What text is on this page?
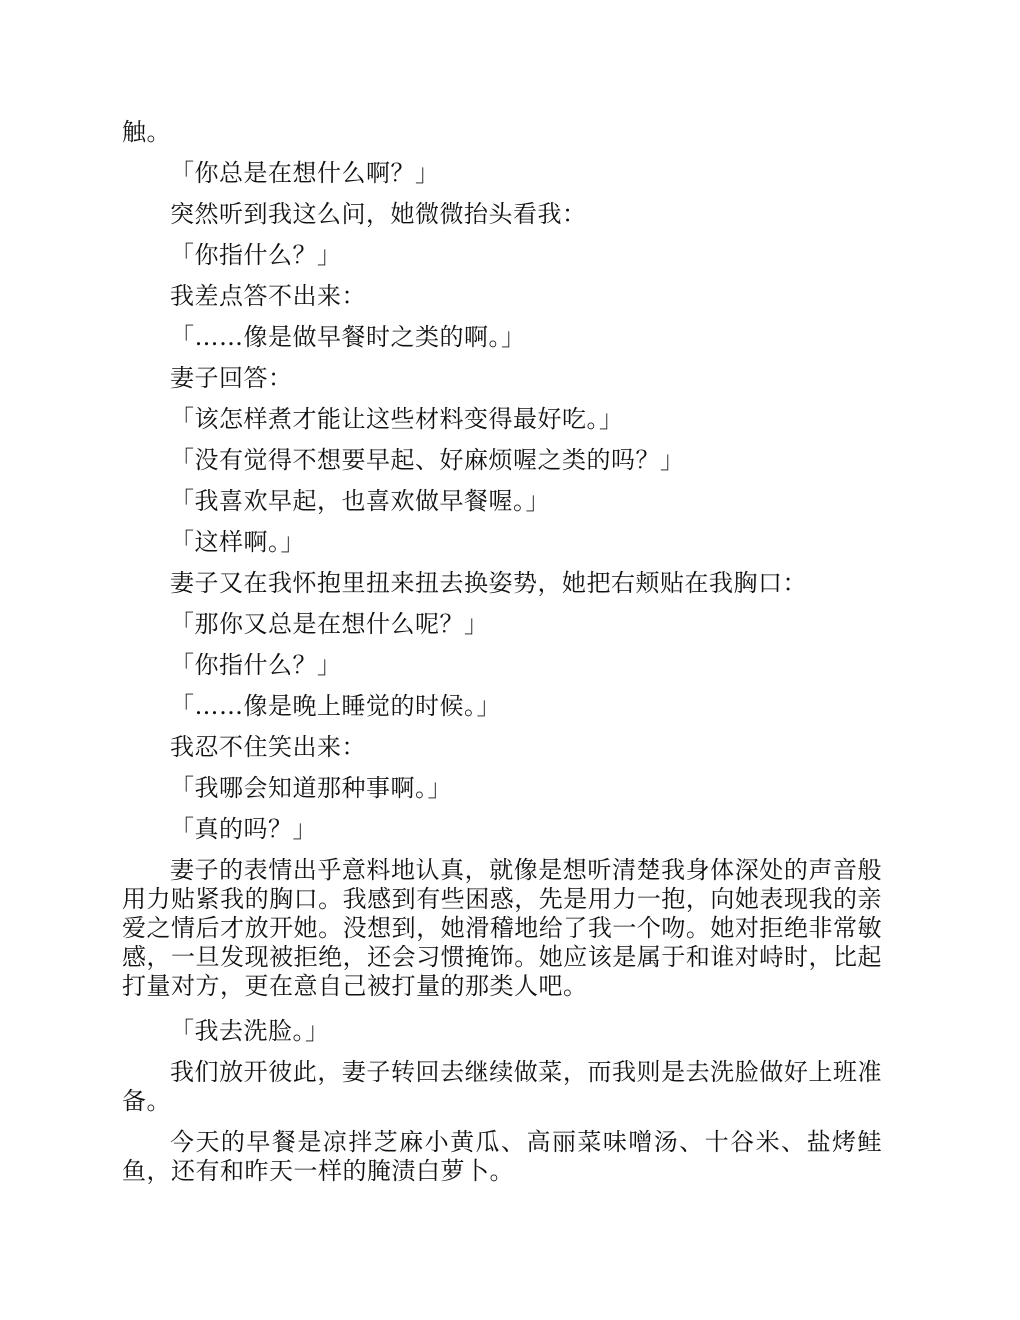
触。

「你总是在想什么啊？」

突然听到我这么问，她微微抬头看我：

「你指什么？」

我差点答不出来：

「……像是做早餐时之类的啊。」

妻子回答：

「该怎样煮才能让这些材料变得最好吃。」

「没有觉得不想要早起、好麻烦喔之类的吗？」

「我喜欢早起，也喜欢做早餐喔。」

「这样啊。」

妻子又在我怀抱里扭来扭去换姿势，她把右颊贴在我胸口：

「那你又总是在想什么呢？」

「你指什么？」

「……像是晚上睡觉的时候。」

我忍不住笑出来：

「我哪会知道那种事啊。」

「真的吗？」

妻子的表情出乎意料地认真，就像是想听清楚我身体深处的声音般用力贴紧我的胸口。我感到有些困惑，先是用力一抱，向她表现我的亲爱之情后才放开她。没想到，她滑稽地给了我一个吻。她对拒绝非常敏感，一旦发现被拒绝，还会习惯掩饰。她应该是属于和谁对峙时，比起打量对方，更在意自己被打量的那类人吧。

「我去洗脸。」

我们放开彼此，妻子转回去继续做菜，而我则是去洗脸做好上班准备。

今天的早餐是凉拌芝麻小黄瓜、高丽菜味噌汤、十谷米、盐烤鲑鱼，还有和昨天一样的腌渍白萝卜。
